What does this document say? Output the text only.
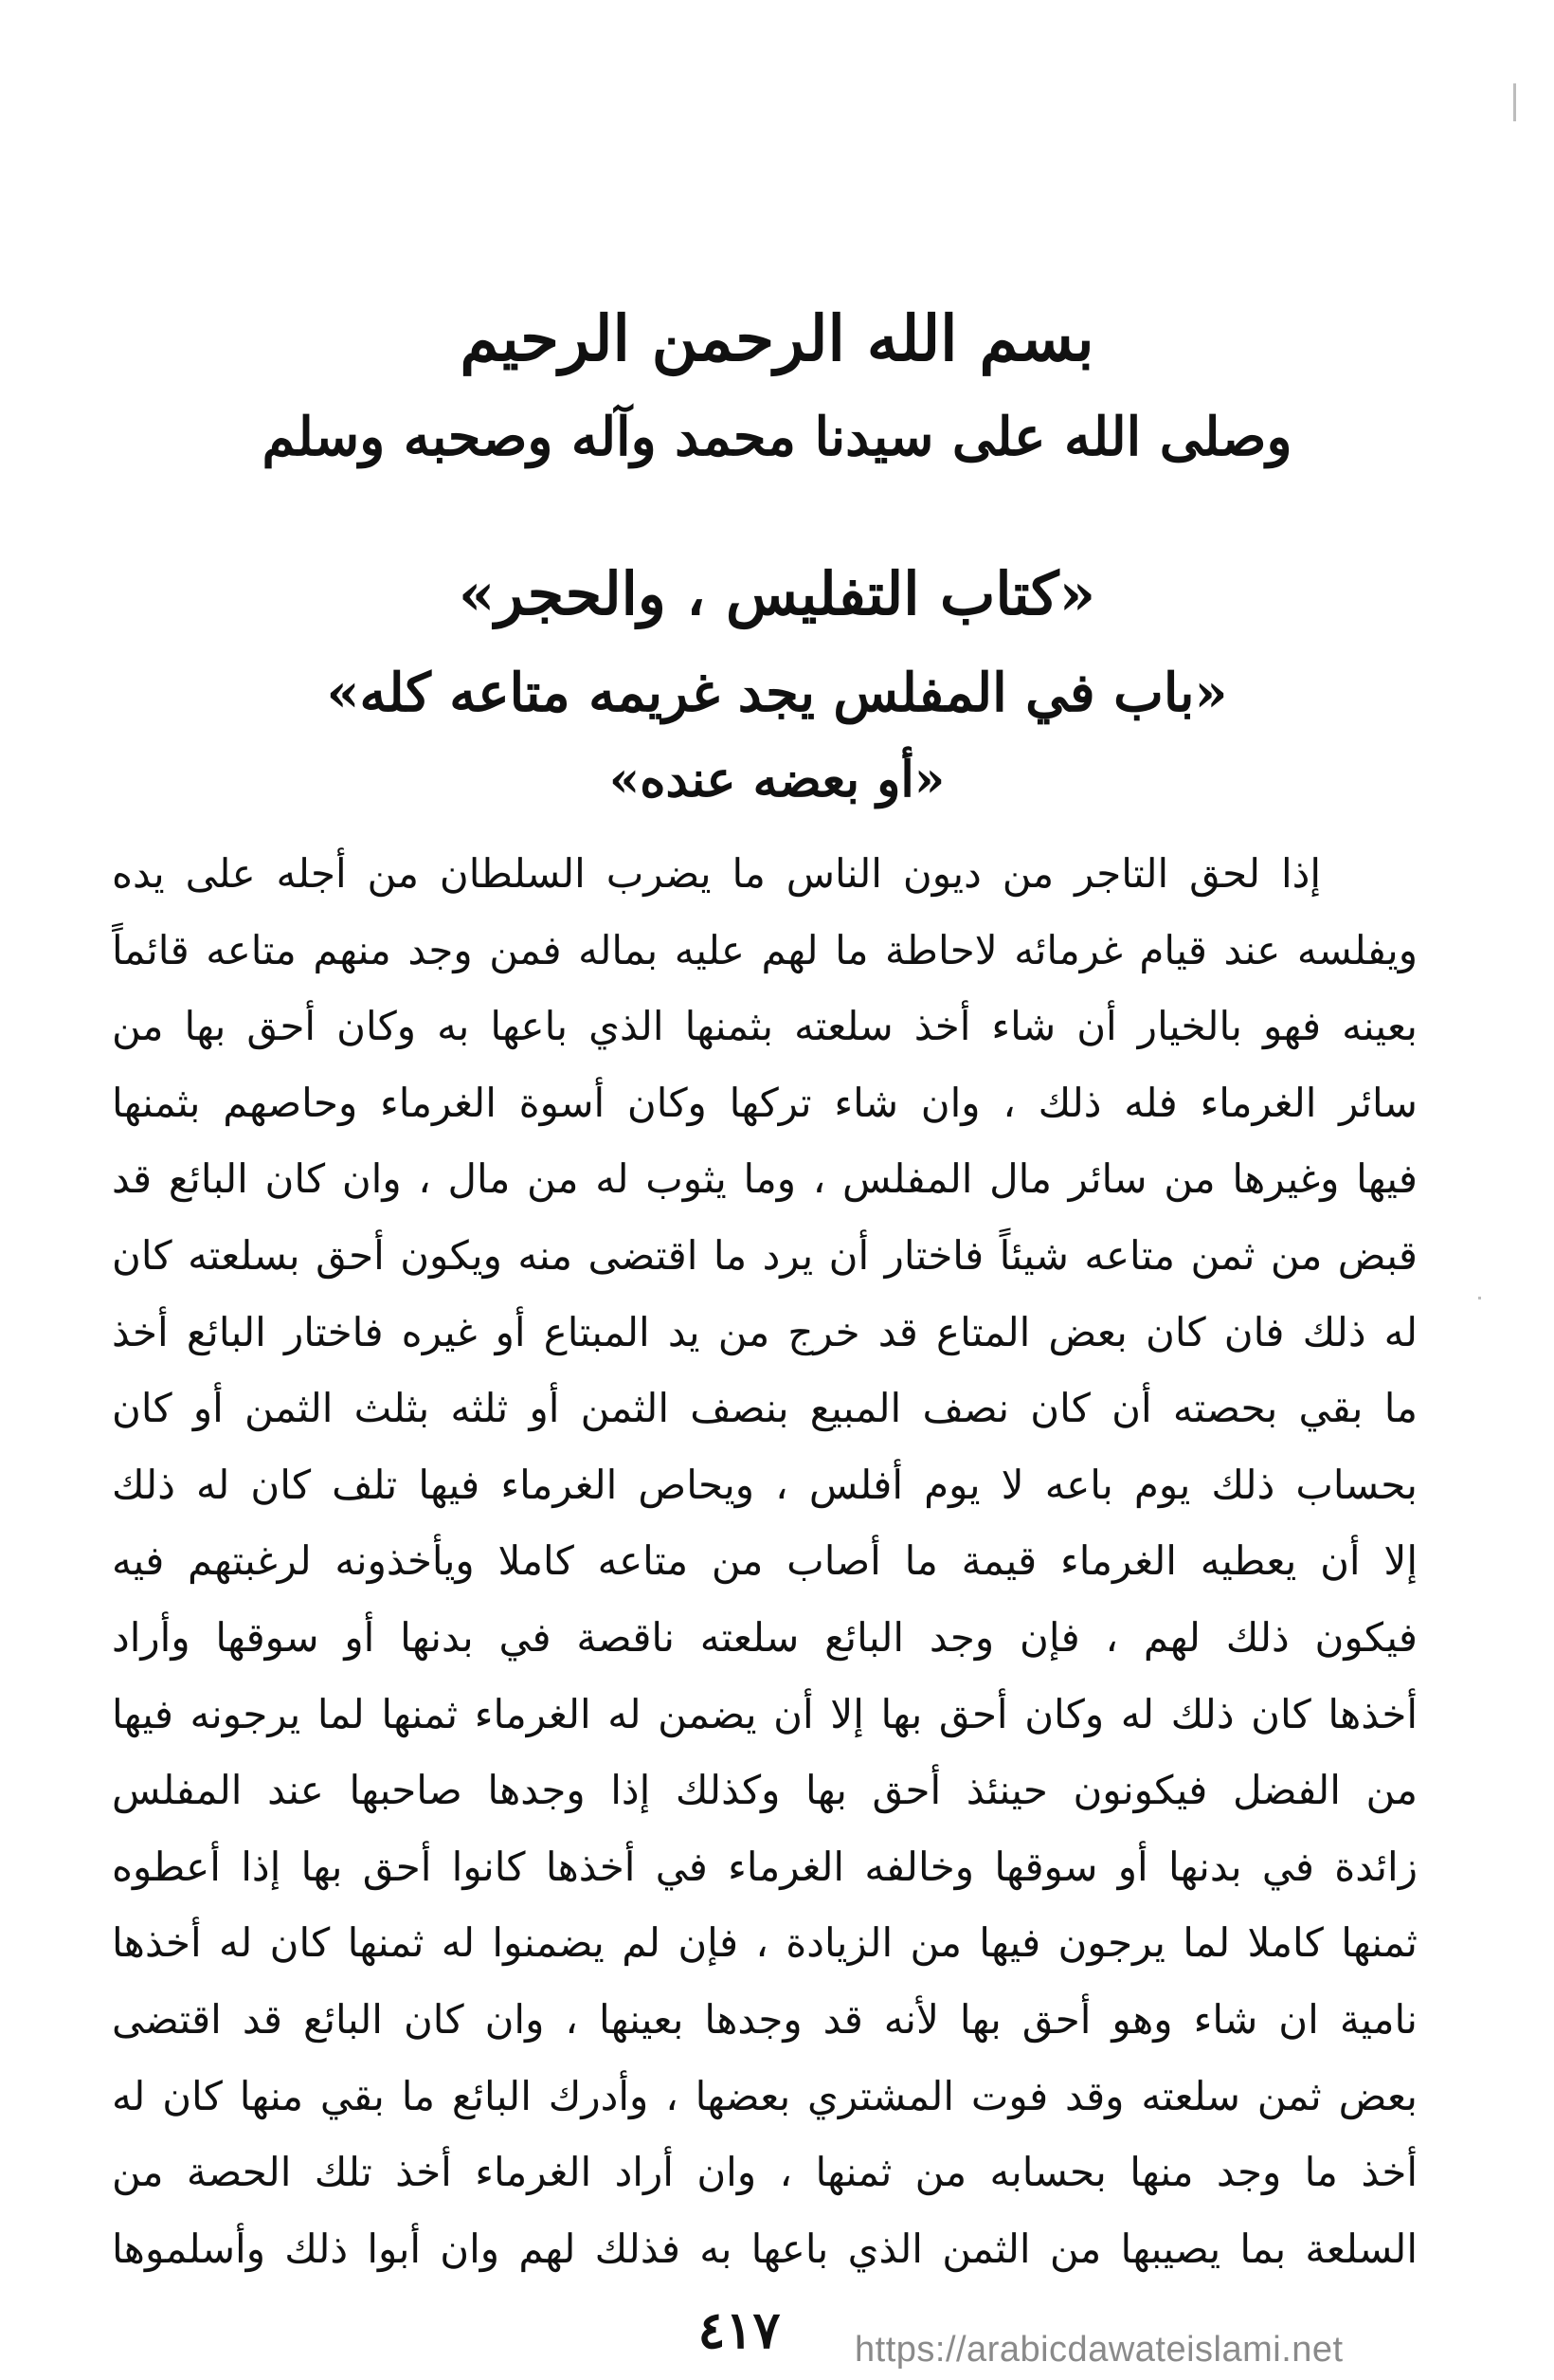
بسم الله الرحمن الرحيم
وصلى الله على سيدنا محمد وآله وصحبه وسلم
«كتاب التفليس ، والحجر»
«باب في المفلس يجد غريمه متاعه كله»
«أو بعضه عنده»
إذا لحق التاجر من ديون الناس ما يضرب السلطان من أجله على يده
ويفلسه عند قيام غرمائه لاحاطة ما لهم عليه بماله فمن وجد منهم متاعه قائماً
بعينه فهو بالخيار أن شاء أخذ سلعته بثمنها الذي باعها به وكان أحق بها من
سائر الغرماء فله ذلك ، وان شاء تركها وكان أسوة الغرماء وحاصهم بثمنها
فيها وغيرها من سائر مال المفلس ، وما يثوب له من مال ، وان كان البائع قد
قبض من ثمن متاعه شيئاً فاختار أن يرد ما اقتضى منه ويكون أحق بسلعته كان
له ذلك فان كان بعض المتاع قد خرج من يد المبتاع أو غيره فاختار البائع أخذ
ما بقي بحصته أن كان نصف المبيع بنصف الثمن أو ثلثه بثلث الثمن أو كان
بحساب ذلك يوم باعه لا يوم أفلس ، ويحاص الغرماء فيها تلف كان له ذلك
إلا أن يعطيه الغرماء قيمة ما أصاب من متاعه كاملا ويأخذونه لرغبتهم فيه
فيكون ذلك لهم ، فإن وجد البائع سلعته ناقصة في بدنها أو سوقها وأراد
أخذها كان ذلك له وكان أحق بها إلا أن يضمن له الغرماء ثمنها لما يرجونه فيها
من الفضل فيكونون حينئذ أحق بها وكذلك إذا وجدها صاحبها عند المفلس
زائدة في بدنها أو سوقها وخالفه الغرماء في أخذها كانوا أحق بها إذا أعطوه
ثمنها كاملا لما يرجون فيها من الزيادة ، فإن لم يضمنوا له ثمنها كان له أخذها
نامية ان شاء وهو أحق بها لأنه قد وجدها بعينها ، وان كان البائع قد اقتضى
بعض ثمن سلعته وقد فوت المشتري بعضها ، وأدرك البائع ما بقي منها كان له
أخذ ما وجد منها بحسابه من ثمنها ، وان أراد الغرماء أخذ تلك الحصة من
السلعة بما يصيبها من الثمن الذي باعها به فذلك لهم وان أبوا ذلك وأسلموها
٤١٧	https://arabicdawateislami.net
